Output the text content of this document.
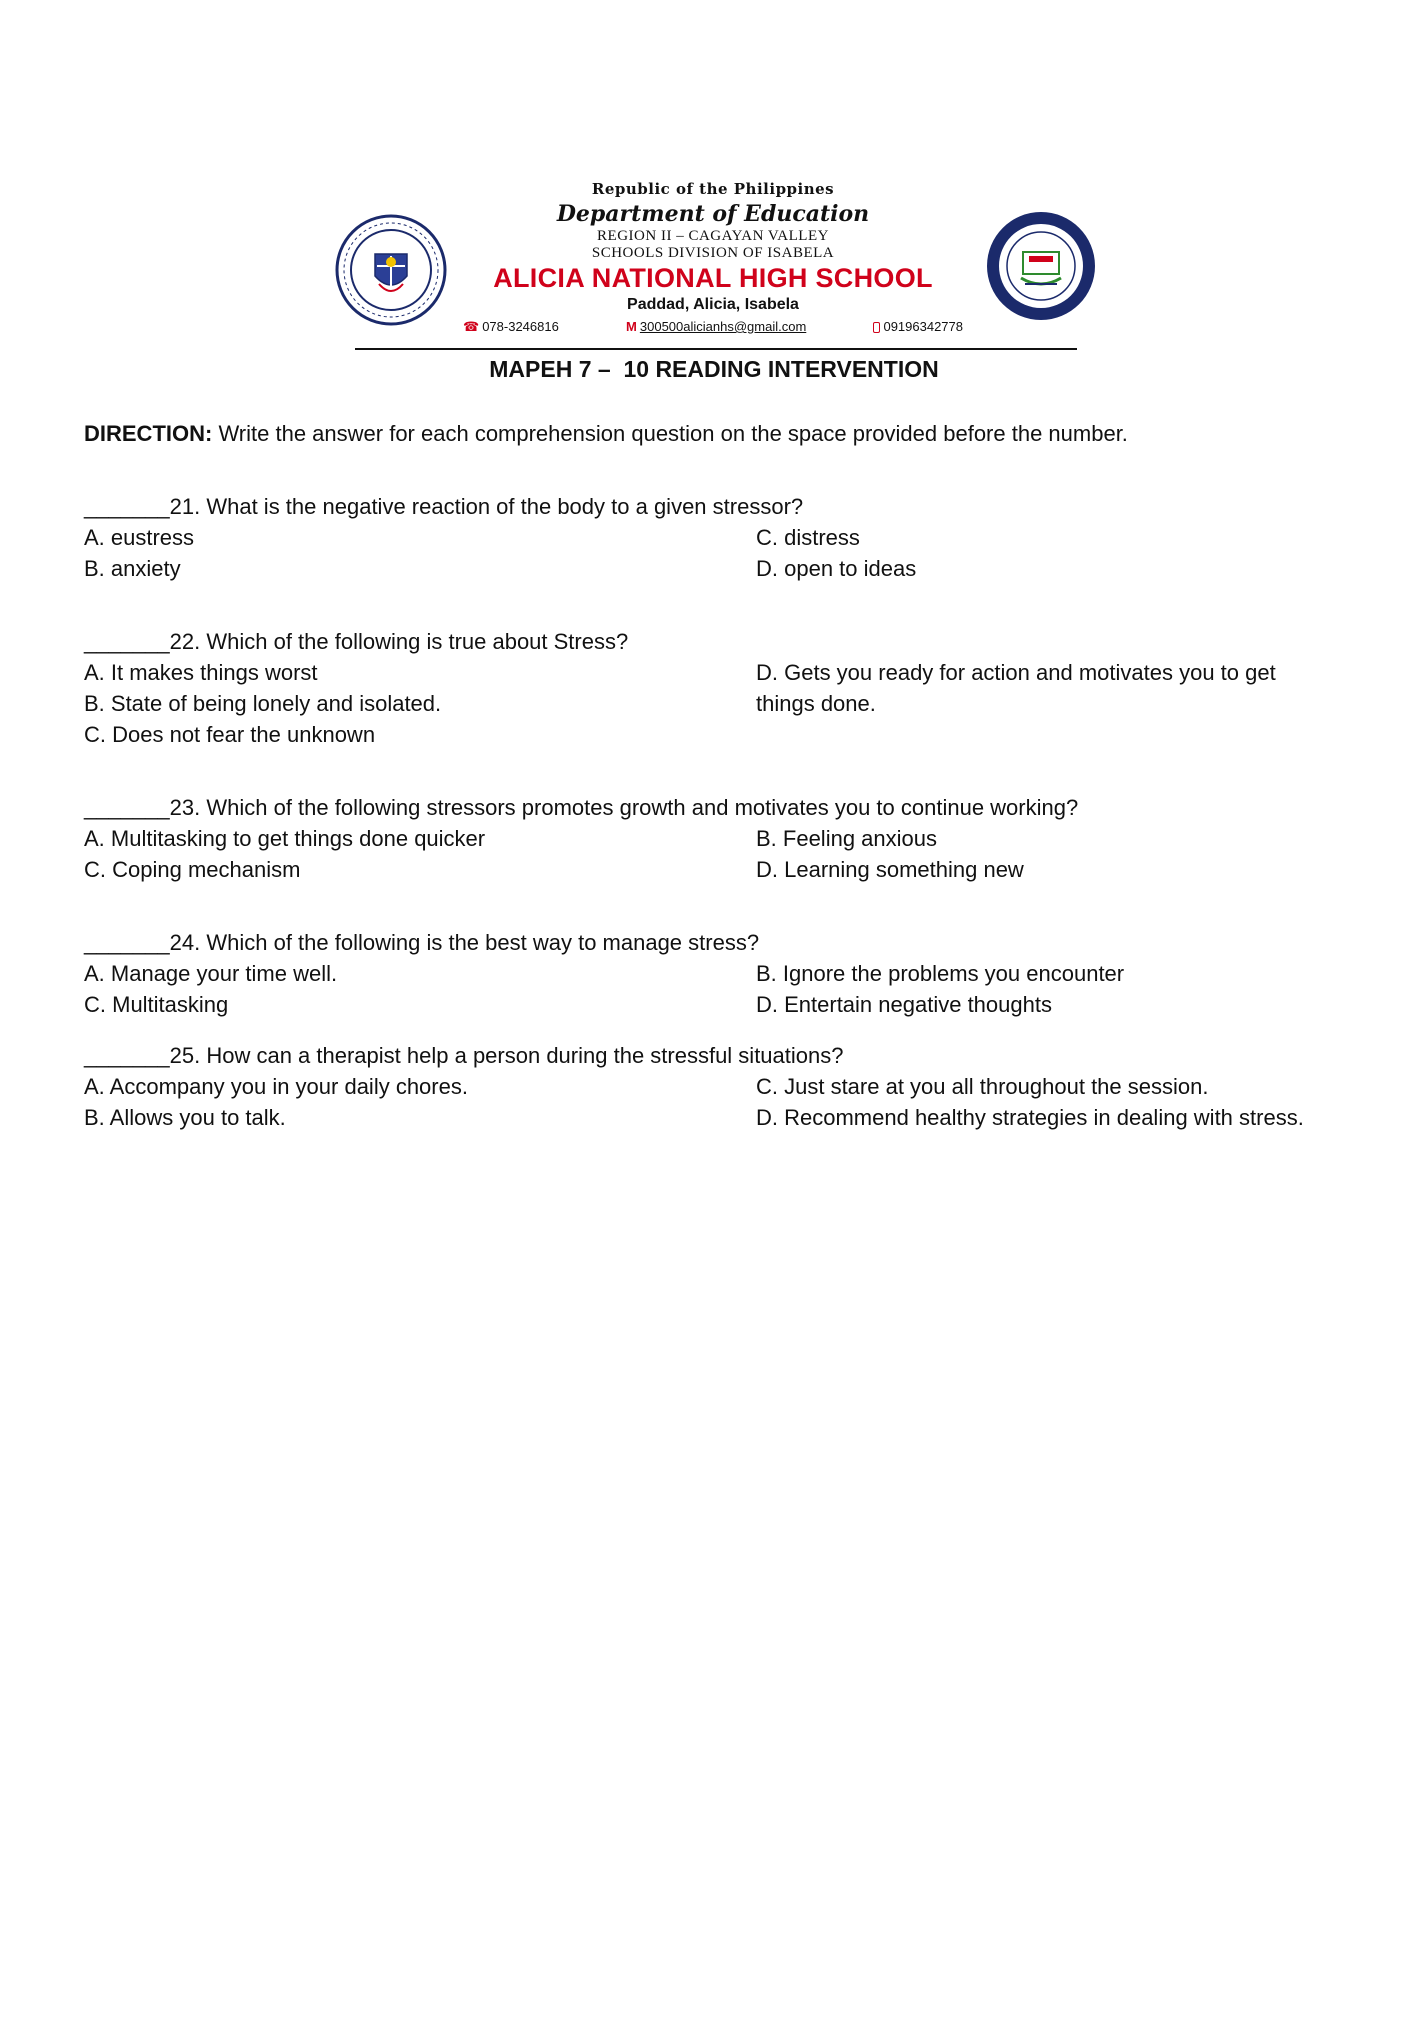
Republic of the Philippines
Department of Education
REGION II – CAGAYAN VALLEY
SCHOOLS DIVISION OF ISABELA
ALICIA NATIONAL HIGH SCHOOL
Paddad, Alicia, Isabela
☎ 078-3246816	M 300500alicianhs@gmail.com	09196342778
MAPEH 7 –  10 READING INTERVENTION

DIRECTION: Write the answer for each comprehension question on the space provided before the number.

_______21. What is the negative reaction of the body to a given stressor?

A. eustress	C. distress

B. anxiety	D. open to ideas

_______22. Which of the following is true about Stress?

A. It makes things worst

B. State of being lonely and isolated.

C. Does not fear the unknown

D. Gets you ready for action and motivates you to get things done.

_______23. Which of the following stressors promotes growth and motivates you to continue working?

A. Multitasking to get things done quicker	B. Feeling anxious

C. Coping mechanism	D. Learning something new

_______24. Which of the following is the best way to manage stress?

A. Manage your time well.	B. Ignore the problems you encounter

C. Multitasking	D. Entertain negative thoughts

_______25. How can a therapist help a person during the stressful situations?

A. Accompany you in your daily chores.	C. Just stare at you all throughout the session.

B. Allows you to talk.	D. Recommend healthy strategies in dealing with stress.
